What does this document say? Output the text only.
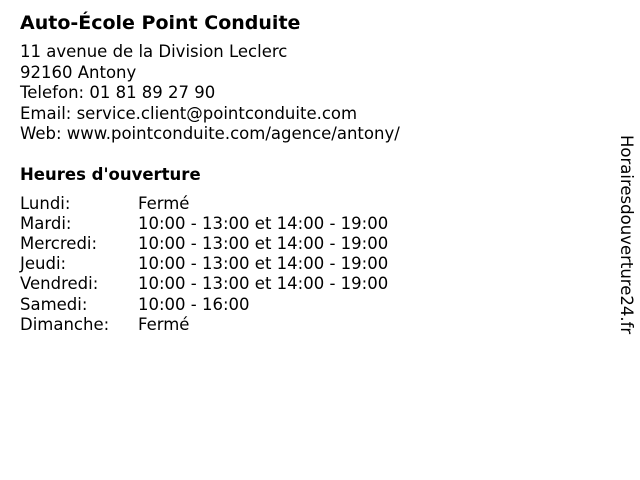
Auto-École Point Conduite
11 avenue de la Division Leclerc
92160 Antony
Telefon: 01 81 89 27 90
Email: service.client@pointconduite.com
Web: www.pointconduite.com/agence/antony/
Heures d'ouverture
Lundi:	Fermé
Mardi:	10:00 - 13:00 et 14:00 - 19:00
Mercredi:	10:00 - 13:00 et 14:00 - 19:00
Jeudi:	10:00 - 13:00 et 14:00 - 19:00
Vendredi:	10:00 - 13:00 et 14:00 - 19:00
Samedi:	10:00 - 16:00
Dimanche:	Fermé	Horairesdouverture24.fr
